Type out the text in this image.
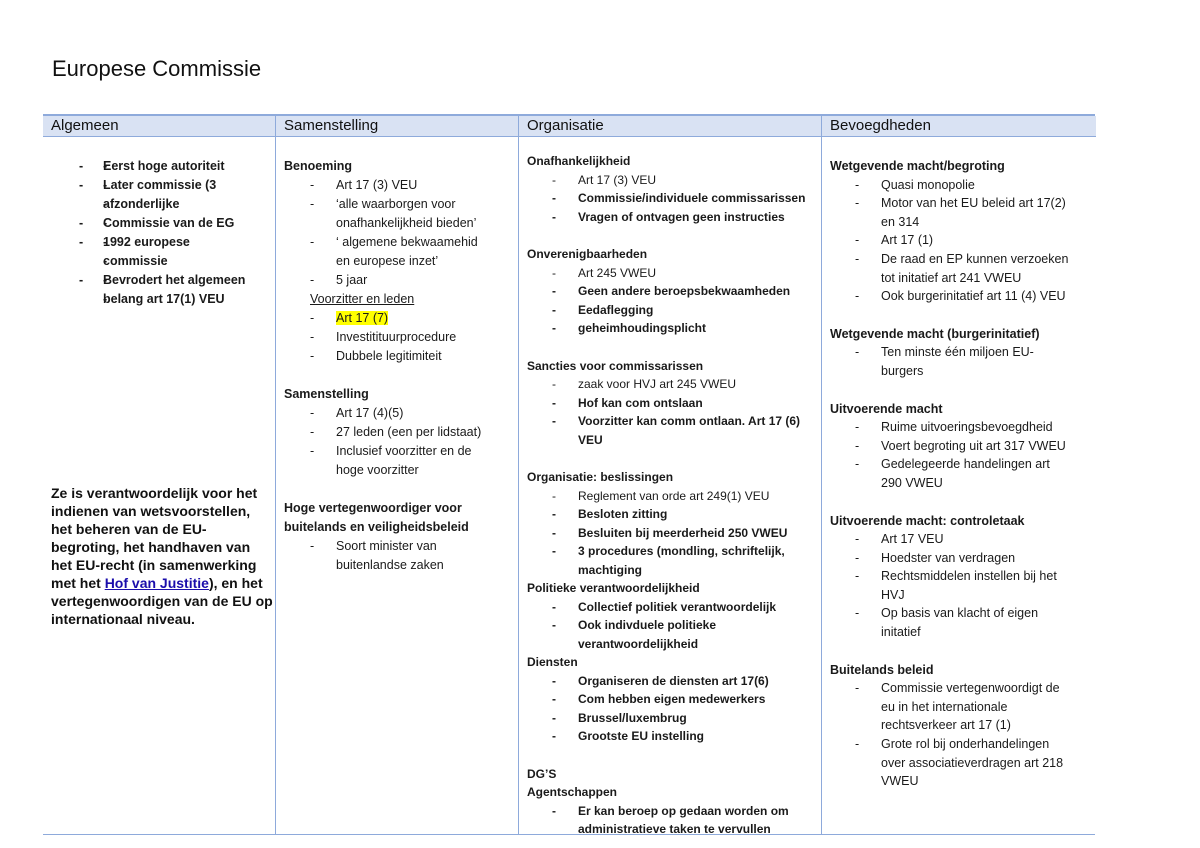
Europese Commissie
Algemeen
- - Eerst hoge autoriteit
- - Later commissie (3
- afzonderlijke
- - Commissie van de EG
- - 1992 europese
- commissie
- - Bevrodert het algemeen
- belang art 17(1) VEU
Ze is verantwoordelijk voor het indienen van wetsvoorstellen, het beheren van de EU-begroting, het handhaven van het EU-recht (in samenwerking met het Hof van Justitie), en het vertegenwoordigen van de EU op internationaal niveau.
Samenstelling
Benoeming
- Art 17 (3) VEU
- ‘alle waarborgen voor
onafhankelijkheid bieden’
- ‘ algemene bekwaamehid
en europese inzet’
- 5 jaar
Voorzitter en leden
- Art 17 (7)
- Investitituurprocedure
- Dubbele legitimiteit
Samenstelling
- Art 17 (4)(5)
- 27 leden (een per lidstaat)
- Inclusief voorzitter en de
hoge voorzitter
Hoge vertegenwoordiger voor
buitelands en veiligheidsbeleid
- Soort minister van
buitenlandse zaken
Organisatie
Onafhankelijkheid
- Art 17 (3) VEU
- Commissie/individuele commissarissen
- Vragen of ontvagen geen instructies
Onverenigbaarheden
- Art 245 VWEU
- Geen andere beroepsbekwaamheden
- Eedaflegging
- geheimhoudingsplicht
Sancties voor commissarissen
- zaak voor HVJ art 245 VWEU
- Hof kan com ontslaan
- Voorzitter kan comm ontlaan. Art 17 (6)
VEU
Organisatie: beslissingen
- Reglement van orde art 249(1) VEU
- Besloten zitting
- Besluiten bij meerderheid 250 VWEU
- 3 procedures (mondling, schriftelijk,
machtiging
Politieke verantwoordelijkheid
- Collectief politiek verantwoordelijk
- Ook indivduele politieke
verantwoordelijkheid
Diensten
- Organiseren de diensten art 17(6)
- Com hebben eigen medewerkers
- Brussel/luxembrug
- Grootste EU instelling
DG’S
Agentschappen
- Er kan beroep op gedaan worden om
administratieve taken te vervullen
Bevoegdheden
Wetgevende macht/begroting
- Quasi monopolie
- Motor van het EU beleid art 17(2)
en 314
- Art 17 (1)
- De raad en EP kunnen verzoeken
tot initatief art 241 VWEU
- Ook burgerinitatief art 11 (4) VEU
Wetgevende macht (burgerinitatief)
- Ten minste één miljoen EU-
burgers
Uitvoerende macht
- Ruime uitvoeringsbevoegdheid
- Voert begroting uit art 317 VWEU
- Gedelegeerde handelingen art
290 VWEU
Uitvoerende macht: controletaak
- Art 17 VEU
- Hoedster van verdragen
- Rechtsmiddelen instellen bij het
HVJ
- Op basis van klacht of eigen
initatief
Buitelands beleid
- Commissie vertegenwoordigt de
eu in het internationale
rechtsverkeer art 17 (1)
- Grote rol bij onderhandelingen
over associatieverdragen art 218
VWEU
